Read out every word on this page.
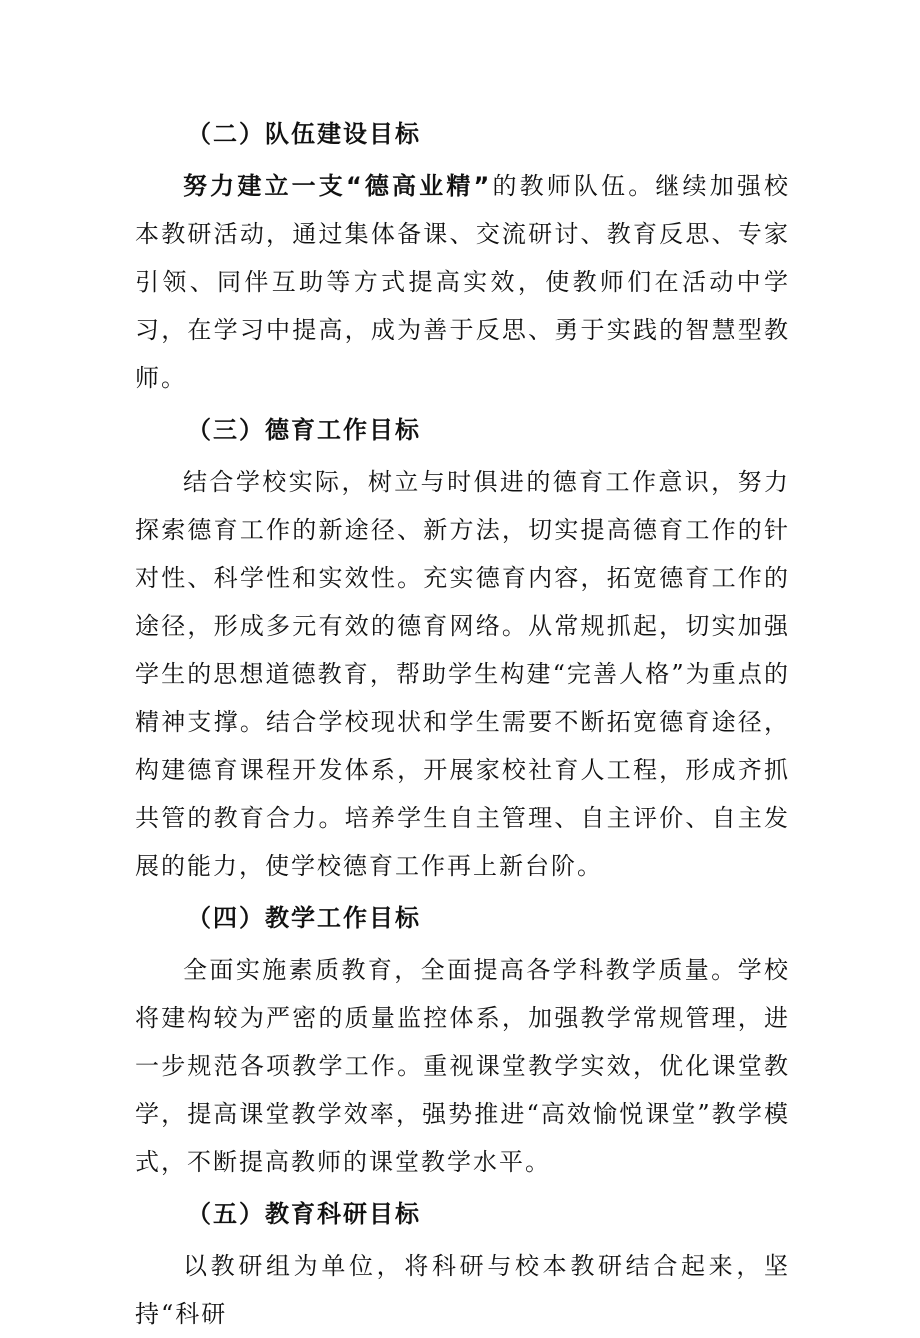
（二）队伍建设目标

努力建立一支“德高业精”的教师队伍。继续加强校本教研活动，通过集体备课、交流研讨、教育反思、专家引领、同伴互助等方式提高实效，使教师们在活动中学习，在学习中提高，成为善于反思、勇于实践的智慧型教师。

（三）德育工作目标

结合学校实际，树立与时俱进的德育工作意识，努力探索德育工作的新途径、新方法，切实提高德育工作的针对性、科学性和实效性。充实德育内容，拓宽德育工作的途径，形成多元有效的德育网络。从常规抓起，切实加强学生的思想道德教育，帮助学生构建“完善人格”为重点的精神支撑。结合学校现状和学生需要不断拓宽德育途径，构建德育课程开发体系，开展家校社育人工程，形成齐抓共管的教育合力。培养学生自主管理、自主评价、自主发展的能力，使学校德育工作再上新台阶。

（四）教学工作目标

全面实施素质教育，全面提高各学科教学质量。学校将建构较为严密的质量监控体系，加强教学常规管理，进一步规范各项教学工作。重视课堂教学实效，优化课堂教学，提高课堂教学效率，强势推进“高效愉悦课堂”教学模式，不断提高教师的课堂教学水平。

（五）教育科研目标

以教研组为单位，将科研与校本教研结合起来，坚持“科研
